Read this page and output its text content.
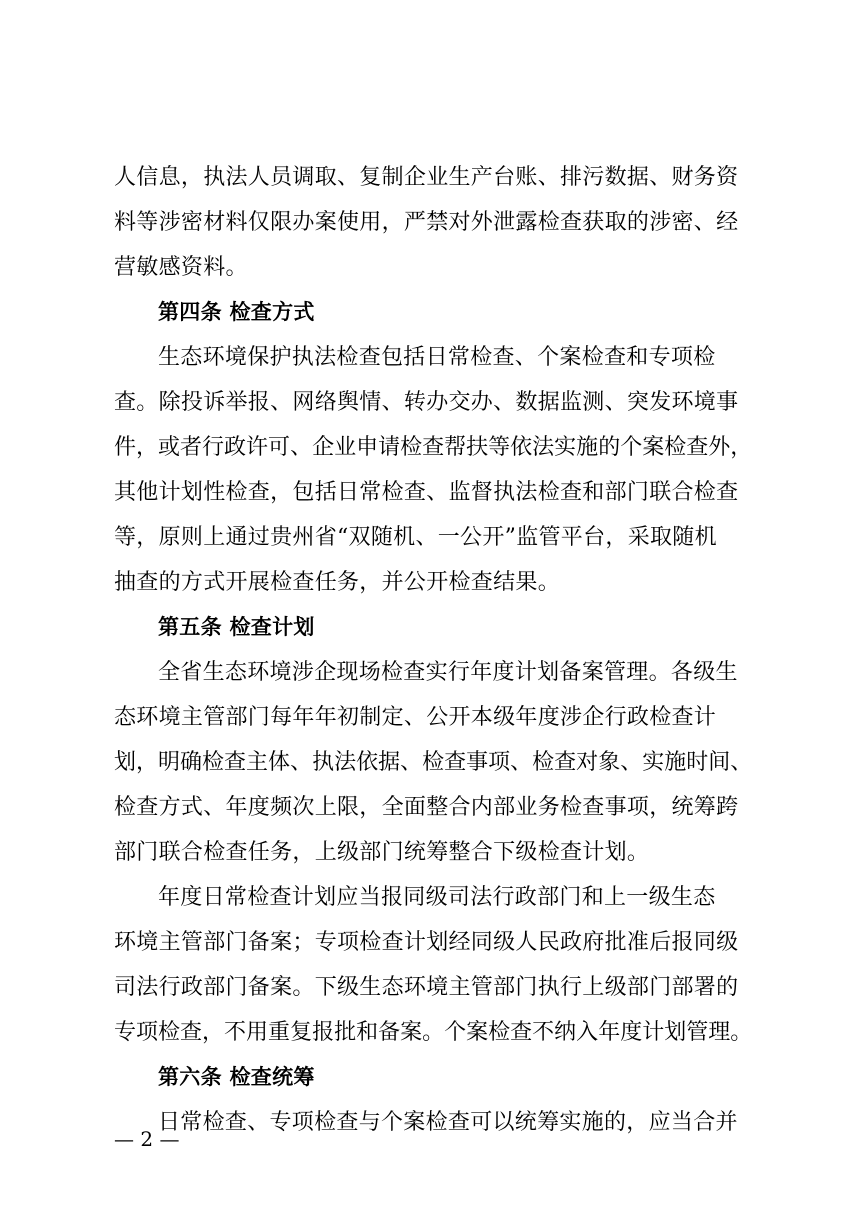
人信息，执法人员调取、复制企业生产台账、排污数据、财务资
料等涉密材料仅限办案使用，严禁对外泄露检查获取的涉密、经
营敏感资料。
第四条 检查方式
生态环境保护执法检查包括日常检查、个案检查和专项检
查。除投诉举报、网络舆情、转办交办、数据监测、突发环境事
件，或者行政许可、企业申请检查帮扶等依法实施的个案检查外，
其他计划性检查，包括日常检查、监督执法检查和部门联合检查
等，原则上通过贵州省“双随机、一公开”监管平台，采取随机
抽查的方式开展检查任务，并公开检查结果。
第五条 检查计划
全省生态环境涉企现场检查实行年度计划备案管理。各级生
态环境主管部门每年年初制定、公开本级年度涉企行政检查计
划，明确检查主体、执法依据、检查事项、检查对象、实施时间、
检查方式、年度频次上限，全面整合内部业务检查事项，统筹跨
部门联合检查任务，上级部门统筹整合下级检查计划。
年度日常检查计划应当报同级司法行政部门和上一级生态
环境主管部门备案；专项检查计划经同级人民政府批准后报同级
司法行政部门备案。下级生态环境主管部门执行上级部门部署的
专项检查，不用重复报批和备案。个案检查不纳入年度计划管理。
第六条 检查统筹
日常检查、专项检查与个案检查可以统筹实施的，应当合并
— 2 —
